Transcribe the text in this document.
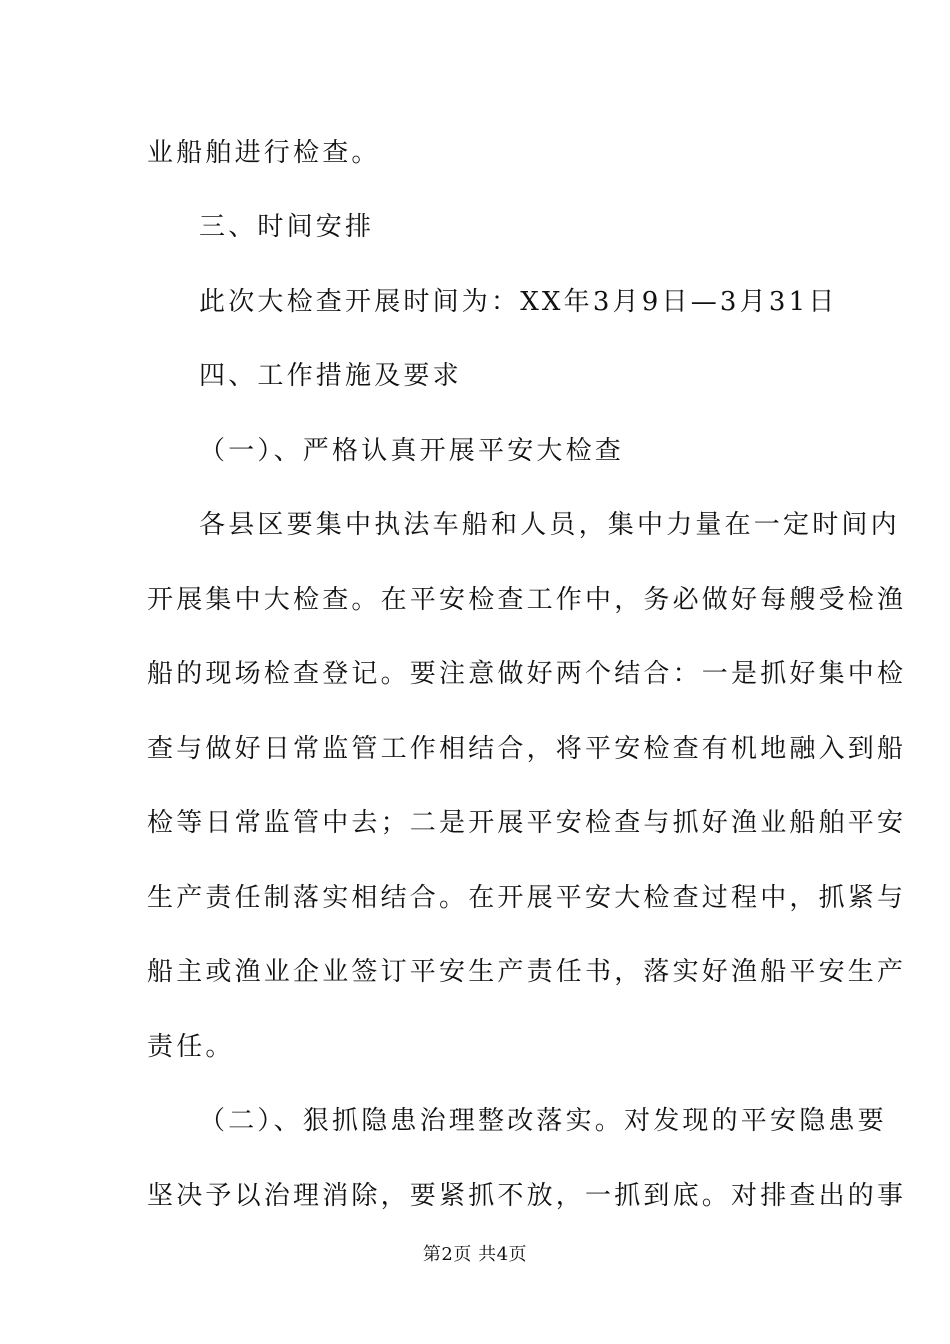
业船舶进行检查。
三、时间安排
此次大检查开展时间为：XX年3月9日—3月31日
四、工作措施及要求
（一）、严格认真开展平安大检查
各县区要集中执法车船和人员，集中力量在一定时间内
开展集中大检查。在平安检查工作中，务必做好每艘受检渔
船的现场检查登记。要注意做好两个结合：一是抓好集中检
查与做好日常监管工作相结合，将平安检查有机地融入到船
检等日常监管中去；二是开展平安检查与抓好渔业船舶平安
生产责任制落实相结合。在开展平安大检查过程中，抓紧与
船主或渔业企业签订平安生产责任书，落实好渔船平安生产
责任。
（二）、狠抓隐患治理整改落实。对发现的平安隐患要
坚决予以治理消除，要紧抓不放，一抓到底。对排查出的事
第2页 共4页
